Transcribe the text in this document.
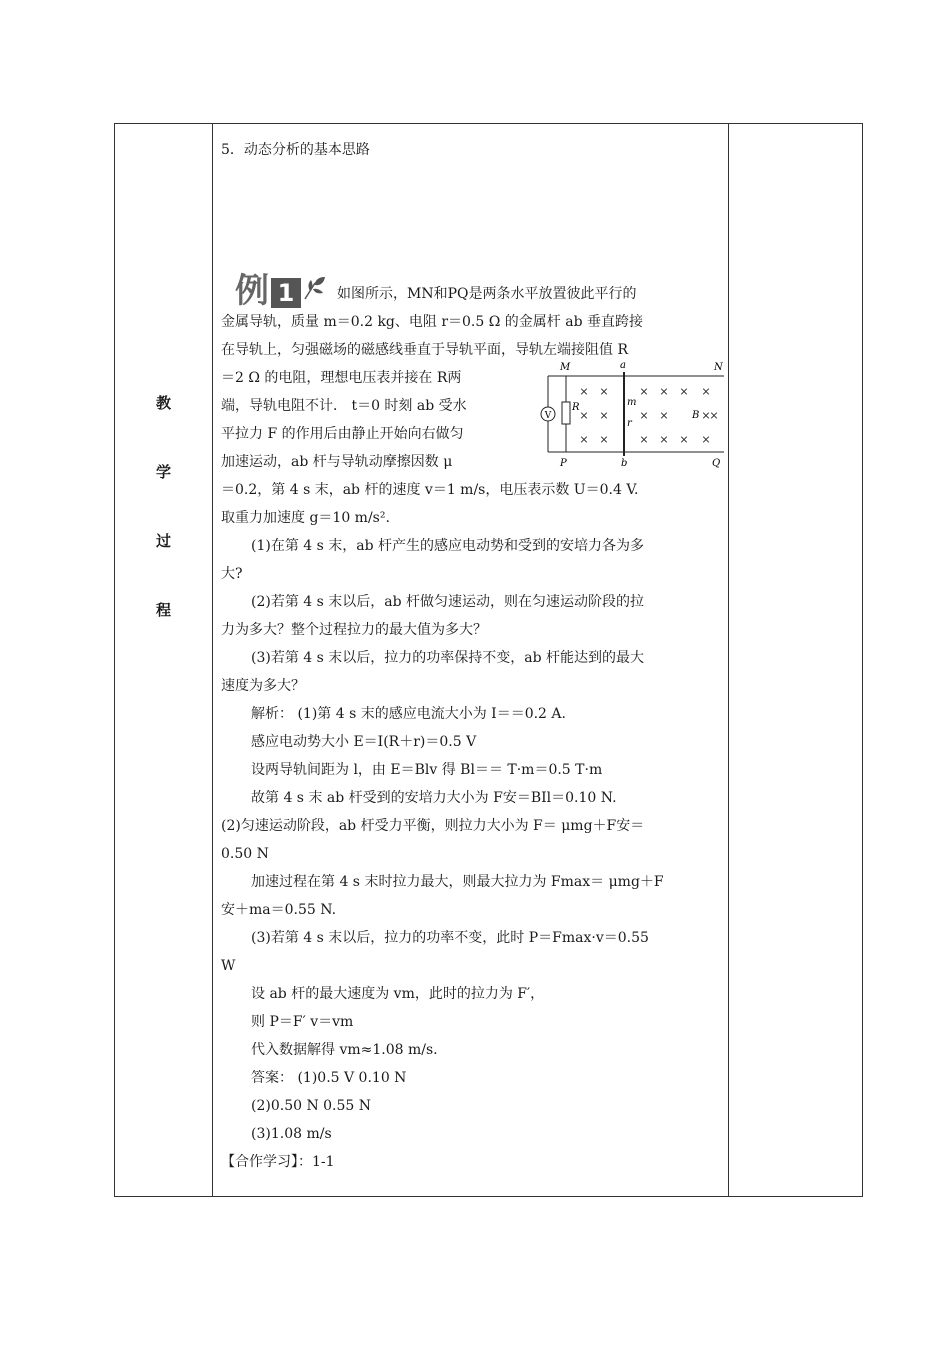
教
学
过
程

5．动态分析的基本思路

例 1	如图所示，MN和PQ是两条水平放置彼此平行的

金属导轨，质量 m＝0.2 kg、电阻 r＝0.5 Ω 的金属杆 ab 垂直跨接

在导轨上，匀强磁场的磁感线垂直于导轨平面，导轨左端接阻值 R

＝2 Ω 的电阻，理想电压表并接在 R两

端，导轨电阻不计． t＝0 时刻 ab 受水

平拉力 F 的作用后由静止开始向右做匀

加速运动，ab 杆与导轨动摩擦因数 μ

V
R
M	a	N
P	b	Q
m
r
B
× ×	× × × ×
× ×	× ×	×
× ×	× × × ×
×

＝0.2，第 4 s 末，ab 杆的速度 v＝1 m/s，电压表示数 U＝0.4 V.

取重力加速度 g＝10 m/s².

(1)在第 4 s 末，ab 杆产生的感应电动势和受到的安培力各为多

大?

(2)若第 4 s 末以后，ab 杆做匀速运动，则在匀速运动阶段的拉

力为多大？整个过程拉力的最大值为多大？

(3)若第 4 s 末以后，拉力的功率保持不变，ab 杆能达到的最大

速度为多大？

解析： (1)第 4 s 末的感应电流大小为 I＝＝0.2 A.

感应电动势大小 E＝I(R＋r)＝0.5 V

设两导轨间距为 l，由 E＝Blv 得 Bl＝＝ T·m＝0.5 T·m

故第 4 s 末 ab 杆受到的安培力大小为 F安＝BIl＝0.10 N.

(2)匀速运动阶段，ab 杆受力平衡，则拉力大小为 F＝ μmg＋F安＝

0.50 N

加速过程在第 4 s 末时拉力最大，则最大拉力为 Fmax＝ μmg＋F

安＋ma＝0.55 N.

(3)若第 4 s 末以后，拉力的功率不变，此时 P＝Fmax·v＝0.55

W

设 ab 杆的最大速度为 vm，此时的拉力为 F′，

则 P＝F′ v＝vm

代入数据解得 vm≈1.08 m/s.

答案： (1)0.5 V 0.10 N

(2)0.50 N 0.55 N

(3)1.08 m/s

【合作学习】：1-1
